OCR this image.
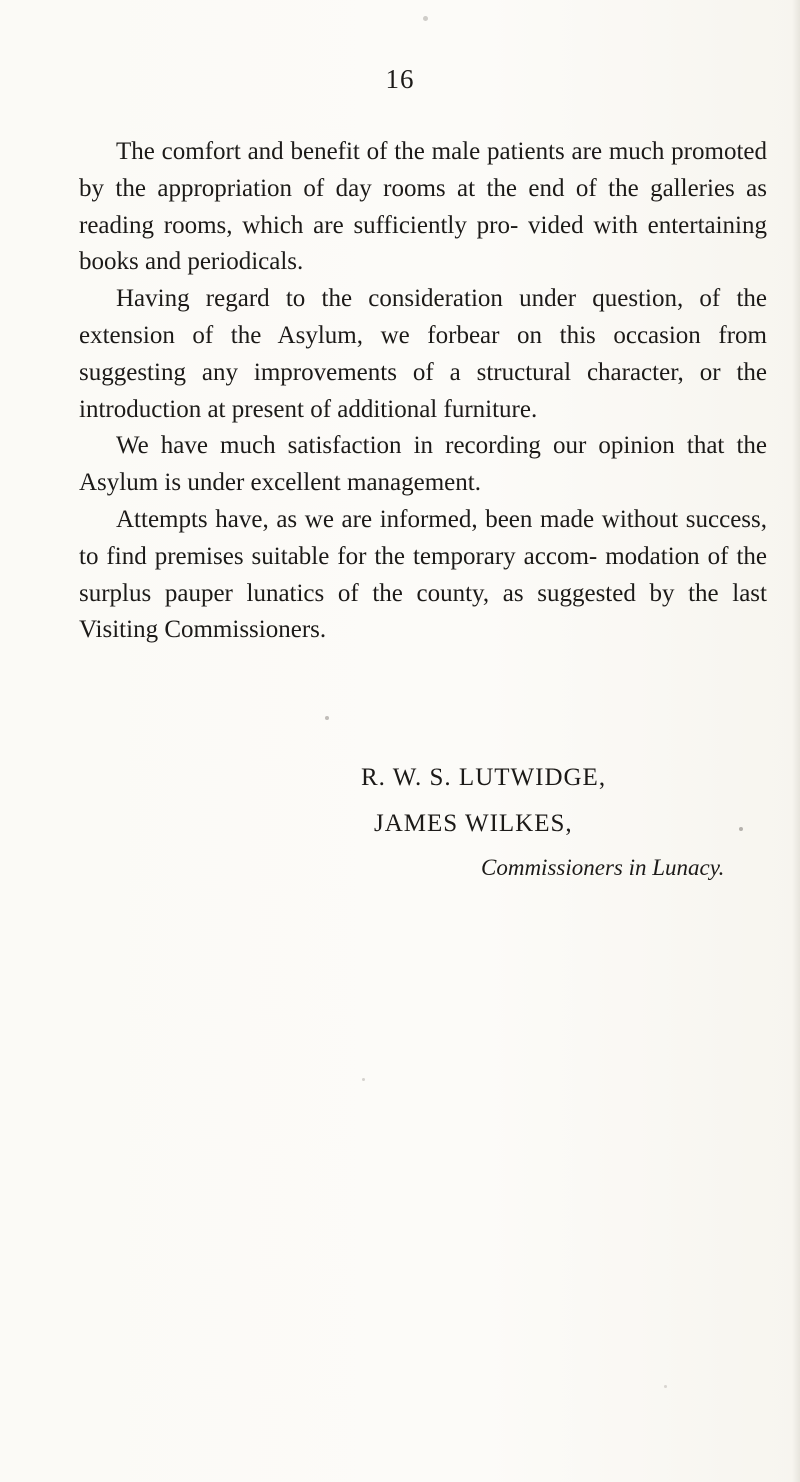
16

The comfort and benefit of the male patients are much promoted by the appropriation of day rooms at the end of the galleries as reading rooms, which are sufficiently pro- vided with entertaining books and periodicals.

Having regard to the consideration under question, of the extension of the Asylum, we forbear on this occasion from suggesting any improvements of a structural character, or the introduction at present of additional furniture.

We have much satisfaction in recording our opinion that the Asylum is under excellent management.

Attempts have, as we are informed, been made without success, to find premises suitable for the temporary accom- modation of the surplus pauper lunatics of the county, as suggested by the last Visiting Commissioners.

R. W. S. LUTWIDGE,
JAMES WILKES,
Commissioners in Lunacy.
